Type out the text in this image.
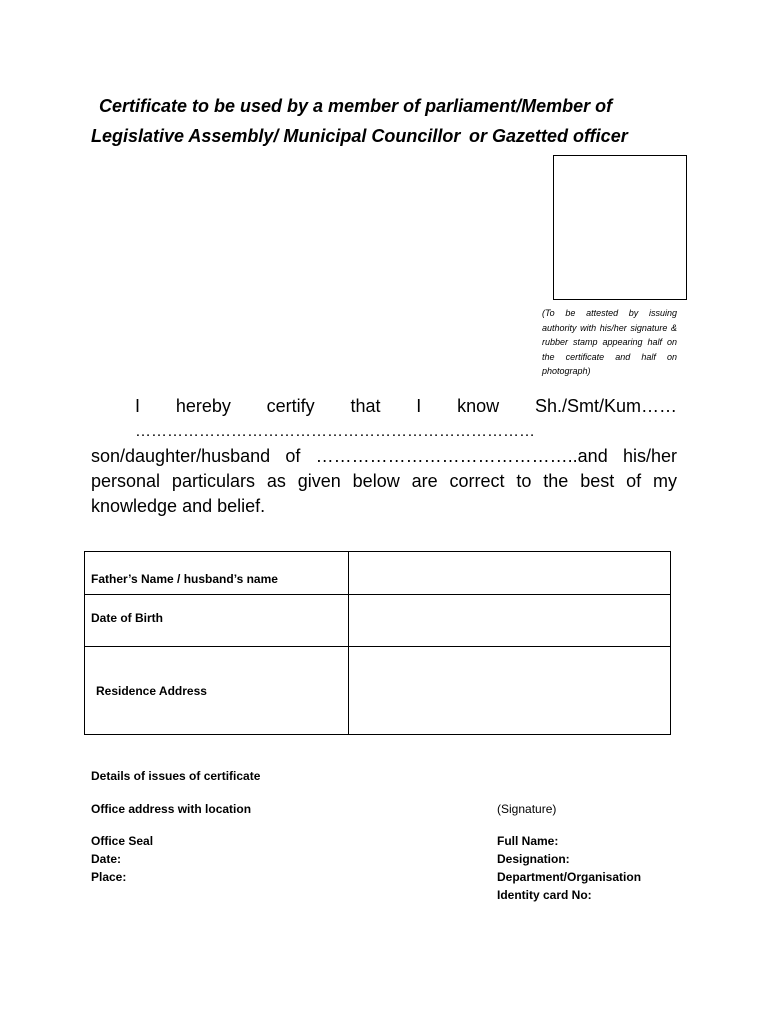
Certificate to be used by a member of parliament/Member of
Legislative Assembly/ Municipal Councillor or Gazetted officer
(To be attested by issuing authority with his/her signature & rubber stamp appearing half on the certificate and half on photograph)
I hereby certify that I know Sh./Smt/Kum……
…………………………………………………………………
son/daughter/husband of ……………………………………..and his/her
personal particulars as given below are correct to the best of my
knowledge and belief.
Father’s Name / husband’s name	
Date of Birth	
Residence Address	
Details of issues of certificate
Office address with location	(Signature)
Office Seal
Date:
Place:
Full Name:
Designation:
Department/Organisation
Identity card No:
